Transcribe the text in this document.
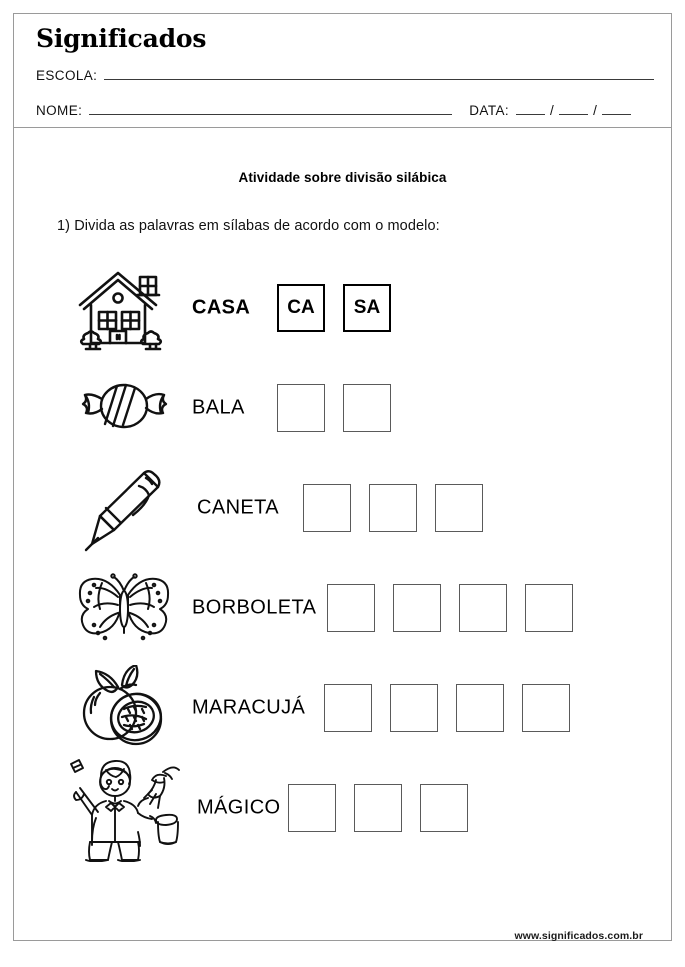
Significados
ESCOLA:
NOME:	DATA:	/	/
Atividade sobre divisão silábica
1) Divida as palavras em sílabas de acordo com o modelo:
CASA	CA	SA
BALA
CANETA
BORBOLETA
MARACUJÁ
MÁGICO
www.significados.com.br
